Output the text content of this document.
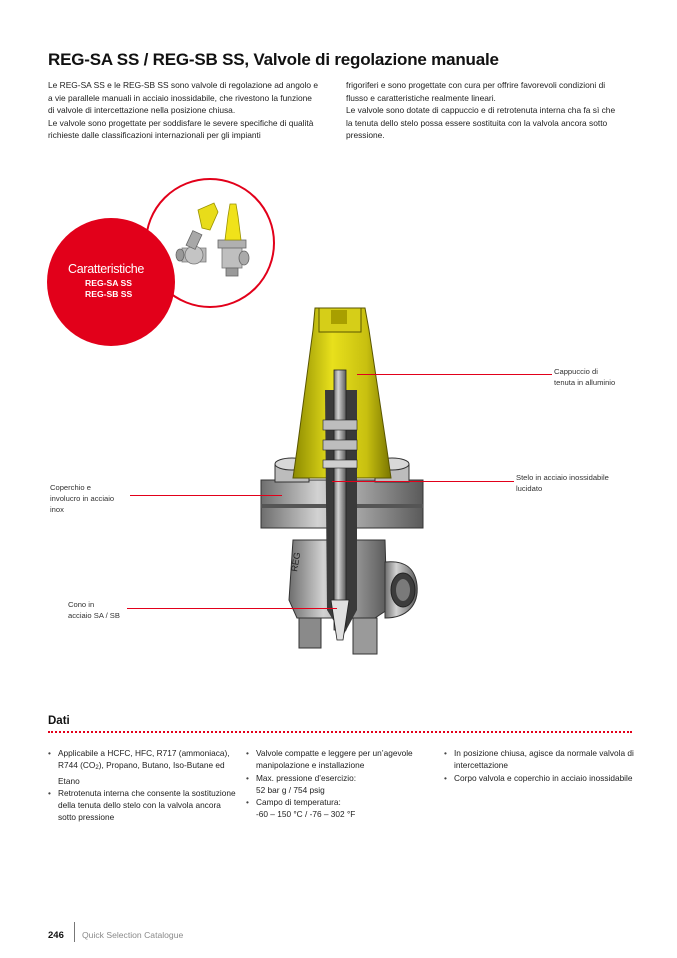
REG-SA SS / REG-SB SS, Valvole di regolazione manuale

Le REG-SA SS e le REG-SB SS sono valvole di regolazione ad angolo e a vie parallele manuali in acciaio inossidabile, che rivestono la funzione di valvole di intercettazione nella posizione chiusa.

Le valvole sono progettate per soddisfare le severe specifiche di qualità richieste dalle classificazioni internazionali per gli impianti

frigoriferi e sono progettate con cura per offrire favorevoli condizioni di flusso e caratteristiche realmente lineari.

Le valvole sono dotate di cappuccio e di retrotenuta interna cha fa sì che la tenuta dello stelo possa essere sostituita con la valvola ancora sotto pressione.

Caratteristiche
REG-SA SS
REG-SB SS
REG
Cappuccio di
tenuta in alluminio
Stelo in acciaio inossidabile
lucidato
Coperchio e
involucro in acciaio
inox
Cono in
acciaio SA / SB
Dati
• Applicabile a HCFC, HFC, R717 (ammoniaca), R744 (CO2), Propano, Butano, Iso-Butane ed Etano
• Retrotenuta interna che consente la sostituzione della tenuta dello stelo con la valvola ancora sotto pressione
• Valvole compatte e leggere per un’agevole manipolazione e installazione
• Max. pressione d’esercizio:
52 bar g / 754 psig
• Campo di temperatura:
-60 – 150 °C / -76 – 302 °F
• In posizione chiusa, agisce da normale valvola di intercettazione
• Corpo valvola e coperchio in acciaio inossidabile
246 Quick Selection Catalogue
